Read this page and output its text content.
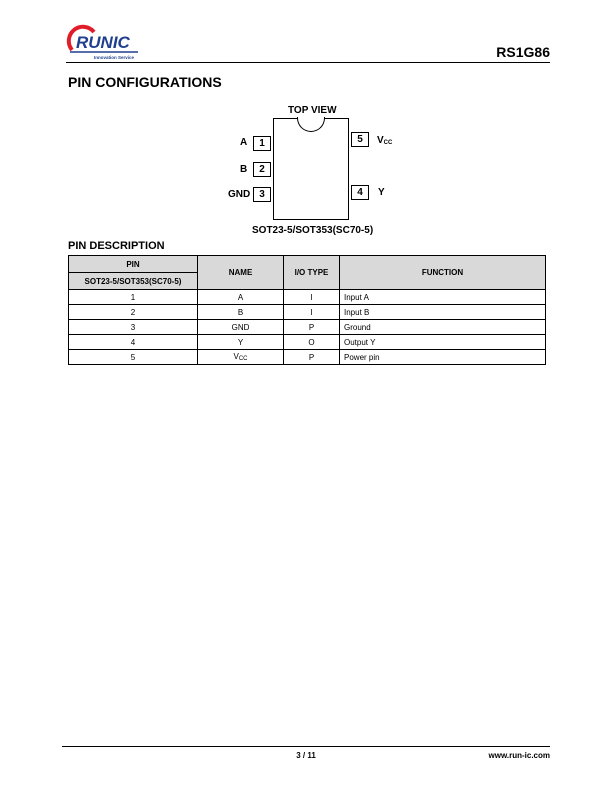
RUNIC
Innovation Service	RS1G86
PIN CONFIGURATIONS
TOP VIEW
A	1
B	2
GND 3
5	VCC
4	Y
SOT23-5/SOT353(SC70-5)
PIN DESCRIPTION
PIN	NAME	I/O TYPE	FUNCTION
SOT23-5/SOT353(SC70-5)			
1	A	I	Input A
2	B	I	Input B
3	GND	P	Ground
4	Y	O	Output Y
5	VCC	P	Power pin
3 / 11	www.run-ic.com
